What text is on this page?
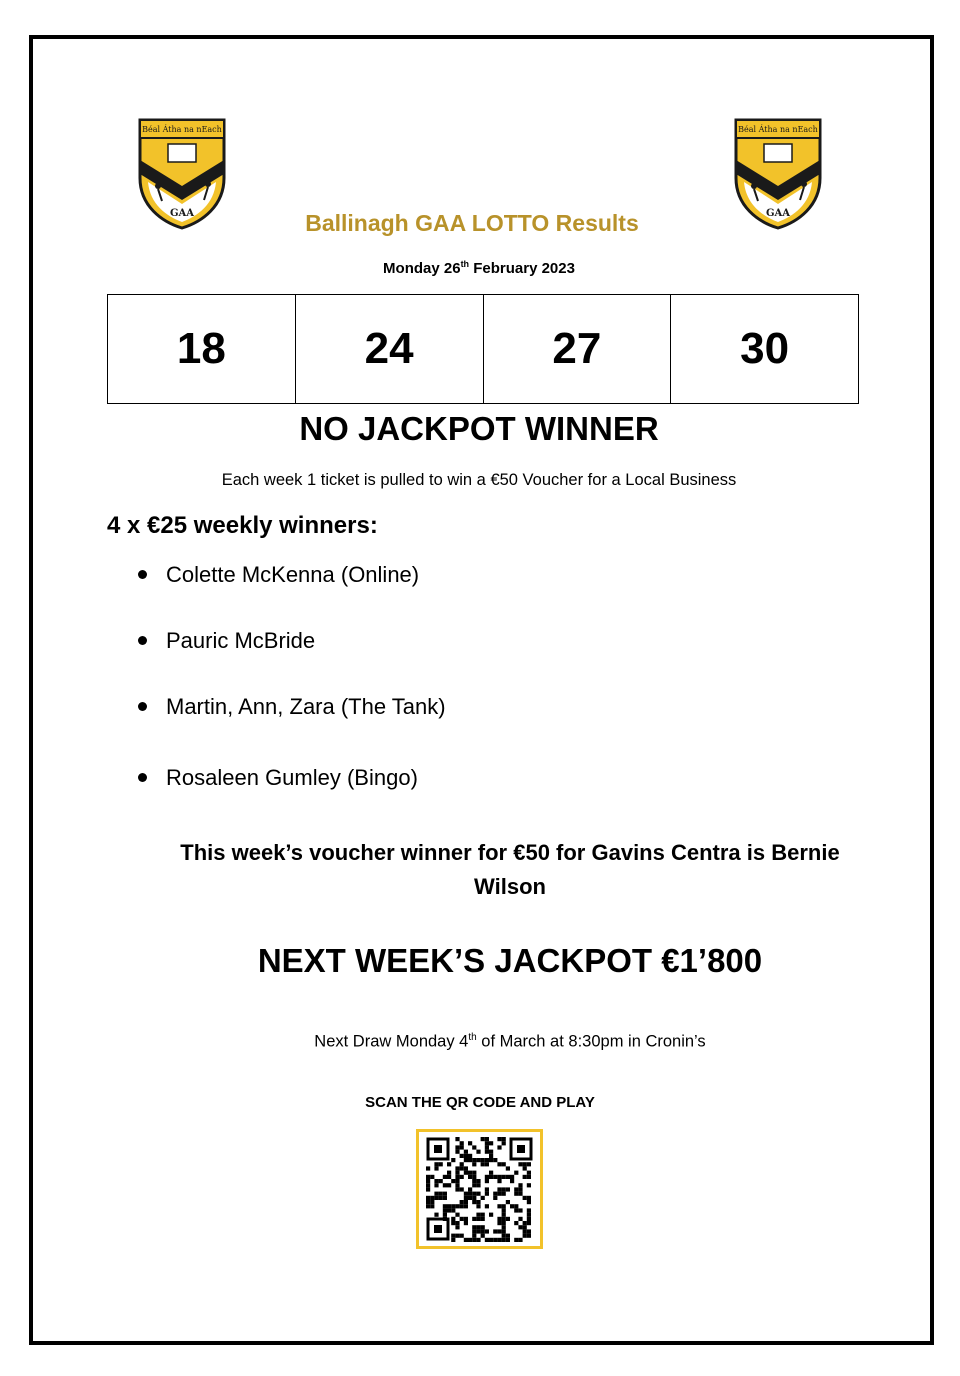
Béal Átha na nEach
GAA
Béal Átha na nEach
GAA
Ballinagh GAA LOTTO Results
Monday 26th February 2023
18	24	27	30
NO JACKPOT WINNER
Each week 1 ticket is pulled to win a €50 Voucher for a Local Business
4 x €25 weekly winners:
Colette McKenna (Online)
Pauric McBride
Martin, Ann, Zara (The Tank)
Rosaleen Gumley (Bingo)
This week’s voucher winner for €50 for Gavins Centra is Bernie Wilson
NEXT WEEK’S JACKPOT €1’800
Next Draw Monday 4th of March at 8:30pm in Cronin’s
SCAN THE QR CODE AND PLAY
